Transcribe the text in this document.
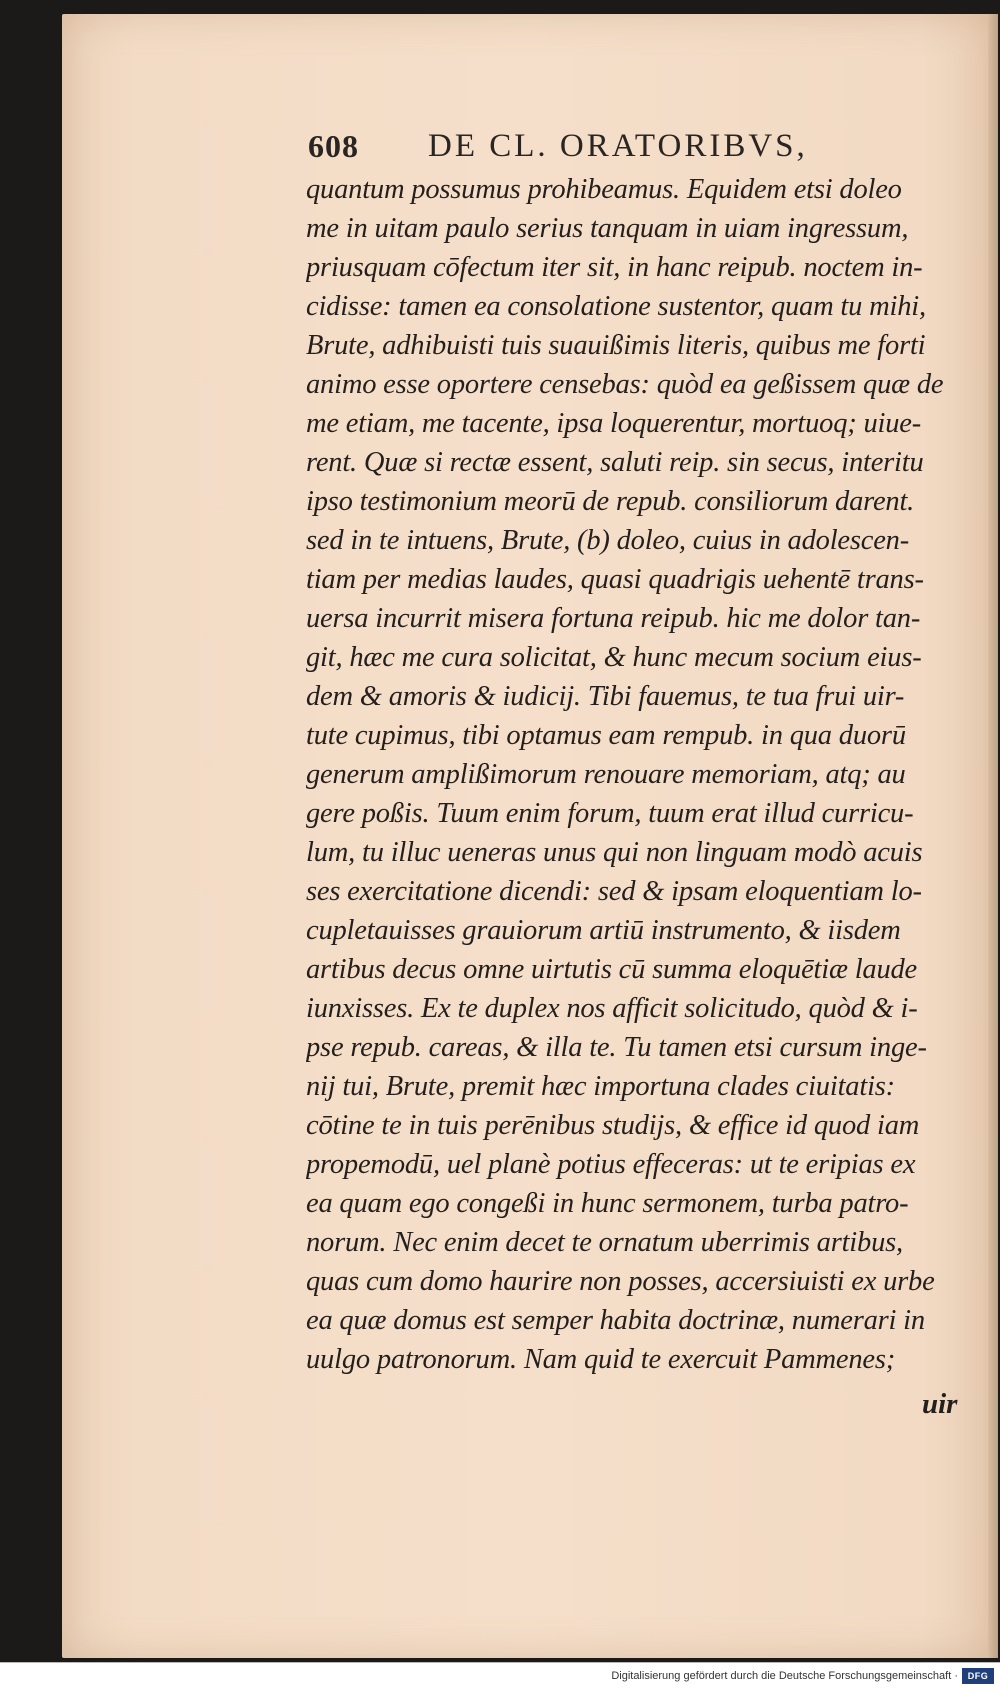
608 DE CL. ORATORIBVS,
quantum possumus prohibeamus. Equidem etsi doleo
me in uitam paulo serius tanquam in uiam ingressum,
priusquam cōfectum iter sit, in hanc reipub. noctem in-
cidisse: tamen ea consolatione sustentor, quam tu mihi,
Brute, adhibuisti tuis suauißimis literis, quibus me forti
animo esse oportere censebas: quòd ea geßissem quæ de
me etiam, me tacente, ipsa loquerentur, mortuoq; uiue-
rent. Quæ si rectæ essent, saluti reip. sin secus, interitu
ipso testimonium meorū de repub. consiliorum darent.
sed in te intuens, Brute, (b) doleo, cuius in adolescen-
tiam per medias laudes, quasi quadrigis uehentē trans-
uersa incurrit misera fortuna reipub. hic me dolor tan-
git, hæc me cura solicitat, & hunc mecum socium eius-
dem & amoris & iudicij. Tibi fauemus, te tua frui uir-
tute cupimus, tibi optamus eam rempub. in qua duorū
generum amplißimorum renouare memoriam, atq; au
gere poßis. Tuum enim forum, tuum erat illud curricu-
lum, tu illuc ueneras unus qui non linguam modò acuis
ses exercitatione dicendi: sed & ipsam eloquentiam lo-
cupletauisses grauiorum artiū instrumento, & iisdem
artibus decus omne uirtutis cū summa eloquētiæ laude
iunxisses. Ex te duplex nos afficit solicitudo, quòd & i-
pse repub. careas, & illa te. Tu tamen etsi cursum inge-
nij tui, Brute, premit hæc importuna clades ciuitatis:
cōtine te in tuis perēnibus studijs, & effice id quod iam
propemodū, uel planè potius effeceras: ut te eripias ex
ea quam ego congeßi in hunc sermonem, turba patro-
norum. Nec enim decet te ornatum uberrimis artibus,
quas cum domo haurire non posses, accersiuisti ex urbe
ea quæ domus est semper habita doctrinæ, numerari in
uulgo patronorum. Nam quid te exercuit Pammenes;
uir
Digitalisierung gefördert durch die Deutsche Forschungsgemeinschaft ·	DFG
